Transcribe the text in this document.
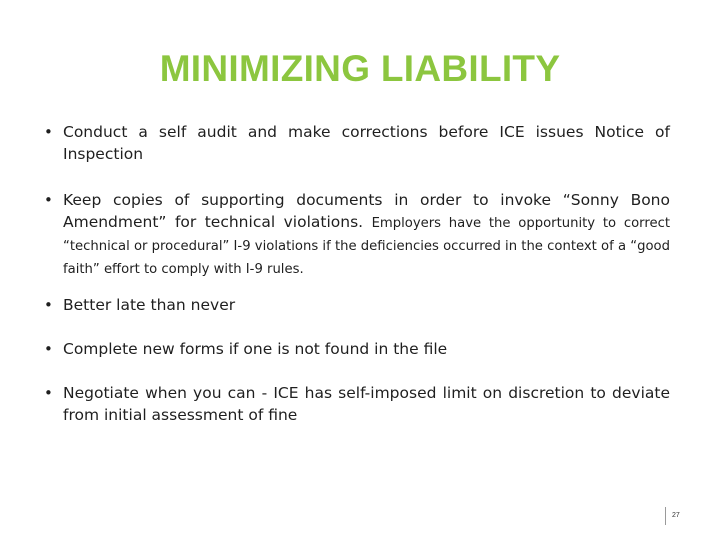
MINIMIZING LIABILITY
• Conduct a self audit and make corrections before ICE issues Notice of Inspection
• Keep copies of supporting documents in order to invoke “Sonny Bono Amendment” for technical violations. Employers have the opportunity to correct “technical or procedural” I-9 violations if the deficiencies occurred in the context of a “good faith” effort to comply with I-9 rules.
• Better late than never
• Complete new forms if one is not found in the file
• Negotiate when you can - ICE has self-imposed limit on discretion to deviate from initial assessment of fine
27
